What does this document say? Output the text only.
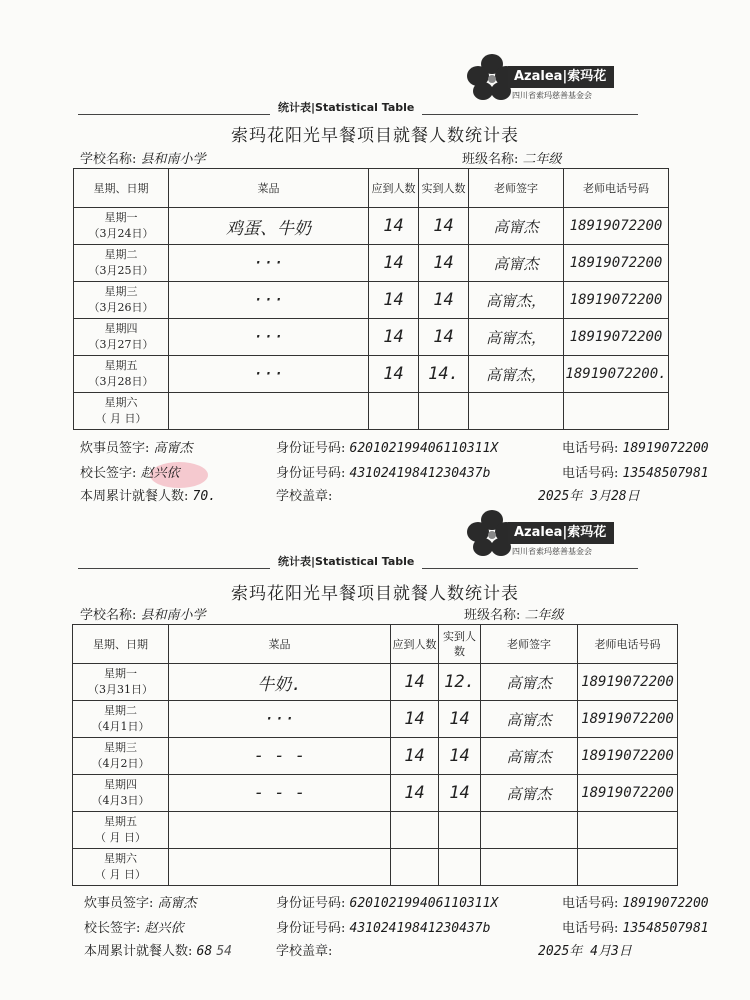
Azalea|索玛花
四川省索玛慈善基金会
统计表|Statistical Table
索玛花阳光早餐项目就餐人数统计表
学校名称: 县和南小学	班级名称: 二年级
星期、日期	菜品	应到人数	实到人数	老师签字	老师电话号码

星期一
（3月24日）	鸡蛋、牛奶	14	14	高甯杰	18919072200

星期二
（3月25日）	···	14	14	高甯杰	18919072200

星期三
（3月26日）	···	14	14	高甯杰，	18919072200

星期四
（3月27日）	···	14	14	高甯杰，	18919072200

星期五
（3月28日）	···	14	14.	高甯杰，	18919072200.

星期六
（ 月 日）					

炊事员签字: 高甯杰	身份证号码: 620102199406110311X	电话号码: 18919072200
校长签字: 赵兴依	身份证号码: 43102419841230437b	电话号码: 13548507981
本周累计就餐人数: 70.	学校盖章:	2025年 3月28日
Azalea|索玛花
四川省索玛慈善基金会
统计表|Statistical Table
索玛花阳光早餐项目就餐人数统计表
学校名称: 县和南小学	班级名称: 二年级
星期、日期	菜品	应到人数	实到人数	老师签字	老师电话号码

星期一
（3月31日）	牛奶.	14	12.	高甯杰	18919072200

星期二
（4月1日）	···	14	14	高甯杰	18919072200

星期三
（4月2日）	- - -	14	14	高甯杰	18919072200

星期四
（4月3日）	- - -	14	14	高甯杰	18919072200

星期五
（ 月 日）					

星期六
（ 月 日）					

炊事员签字: 高甯杰	身份证号码: 620102199406110311X	电话号码: 18919072200
校长签字: 赵兴依	身份证号码: 43102419841230437b	电话号码: 13548507981
本周累计就餐人数: 68 54	学校盖章:	2025年 4月3日
